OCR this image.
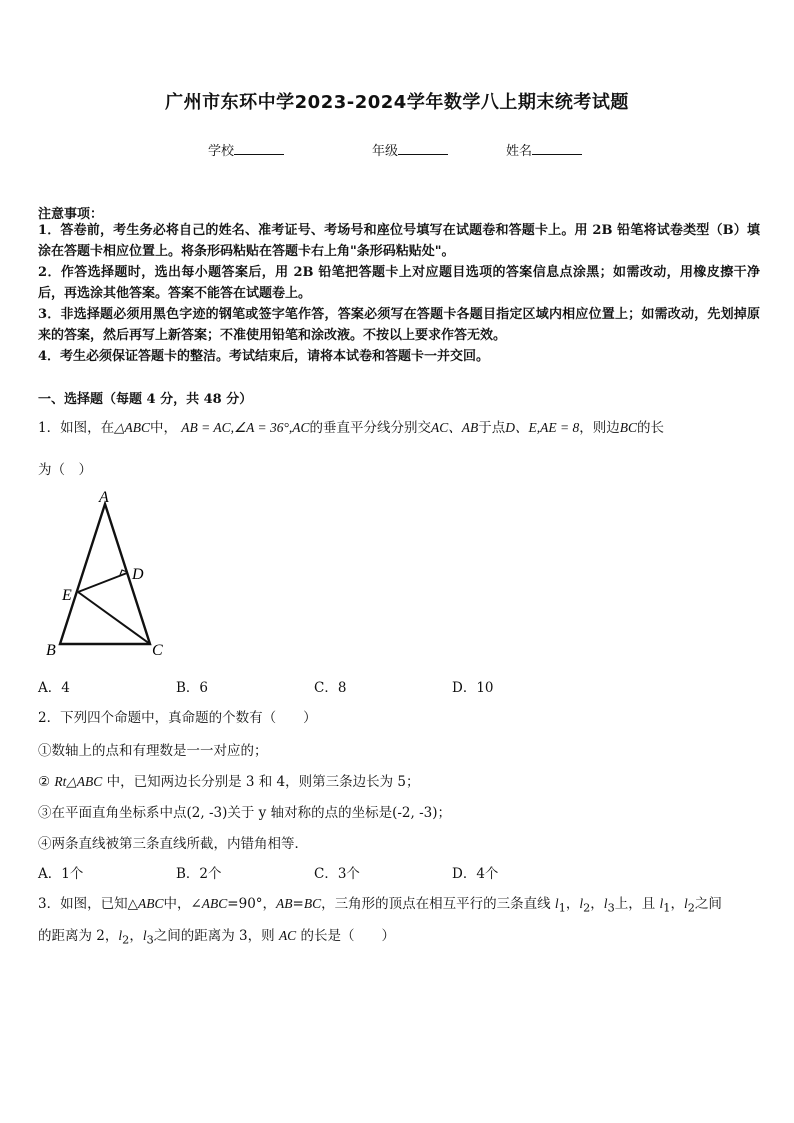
广州市东环中学2023-2024学年数学八上期末统考试题
学校	年级	姓名
注意事项：
1．答卷前，考生务必将自己的姓名、准考证号、考场号和座位号填写在试题卷和答题卡上。用 2B 铅笔将试卷类型（B）填涂在答题卡相应位置上。将条形码粘贴在答题卡右上角"条形码粘贴处"。
2．作答选择题时，选出每小题答案后，用 2B 铅笔把答题卡上对应题目选项的答案信息点涂黑；如需改动，用橡皮擦干净后，再选涂其他答案。答案不能答在试题卷上。
3．非选择题必须用黑色字迹的钢笔或签字笔作答，答案必须写在答题卡各题目指定区域内相应位置上；如需改动，先划掉原来的答案，然后再写上新答案；不准使用铅笔和涂改液。不按以上要求作答无效。
4．考生必须保证答题卡的整洁。考试结束后，请将本试卷和答题卡一并交回。
一、选择题（每题 4 分，共 48 分）
1．如图，在△ABC中， AB = AC,∠A = 36°,AC的垂直平分线分别交AC、AB于点D、E,AE = 8，则边BC的长
为（　）
A
B	C
D
E
A．4	B．6	C．8	D．10
2．下列四个命题中，真命题的个数有（　　）
①数轴上的点和有理数是一一对应的；
② Rt△ABC 中，已知两边长分别是 3 和 4，则第三条边长为 5；
③在平面直角坐标系中点(2, -3)关于 y 轴对称的点的坐标是(-2, -3)；
④两条直线被第三条直线所截，内错角相等．
A．1个	B．2个	C．3个	D．4个
3．如图，已知△ABC中，∠ABC=90°，AB=BC，三角形的顶点在相互平行的三条直线 $l_1$，$l_2$，$l_3$上，且 $l_1$，$l_2$之间
的距离为 2，$l_2$，$l_3$之间的距离为 3，则 AC 的长是（　　）
